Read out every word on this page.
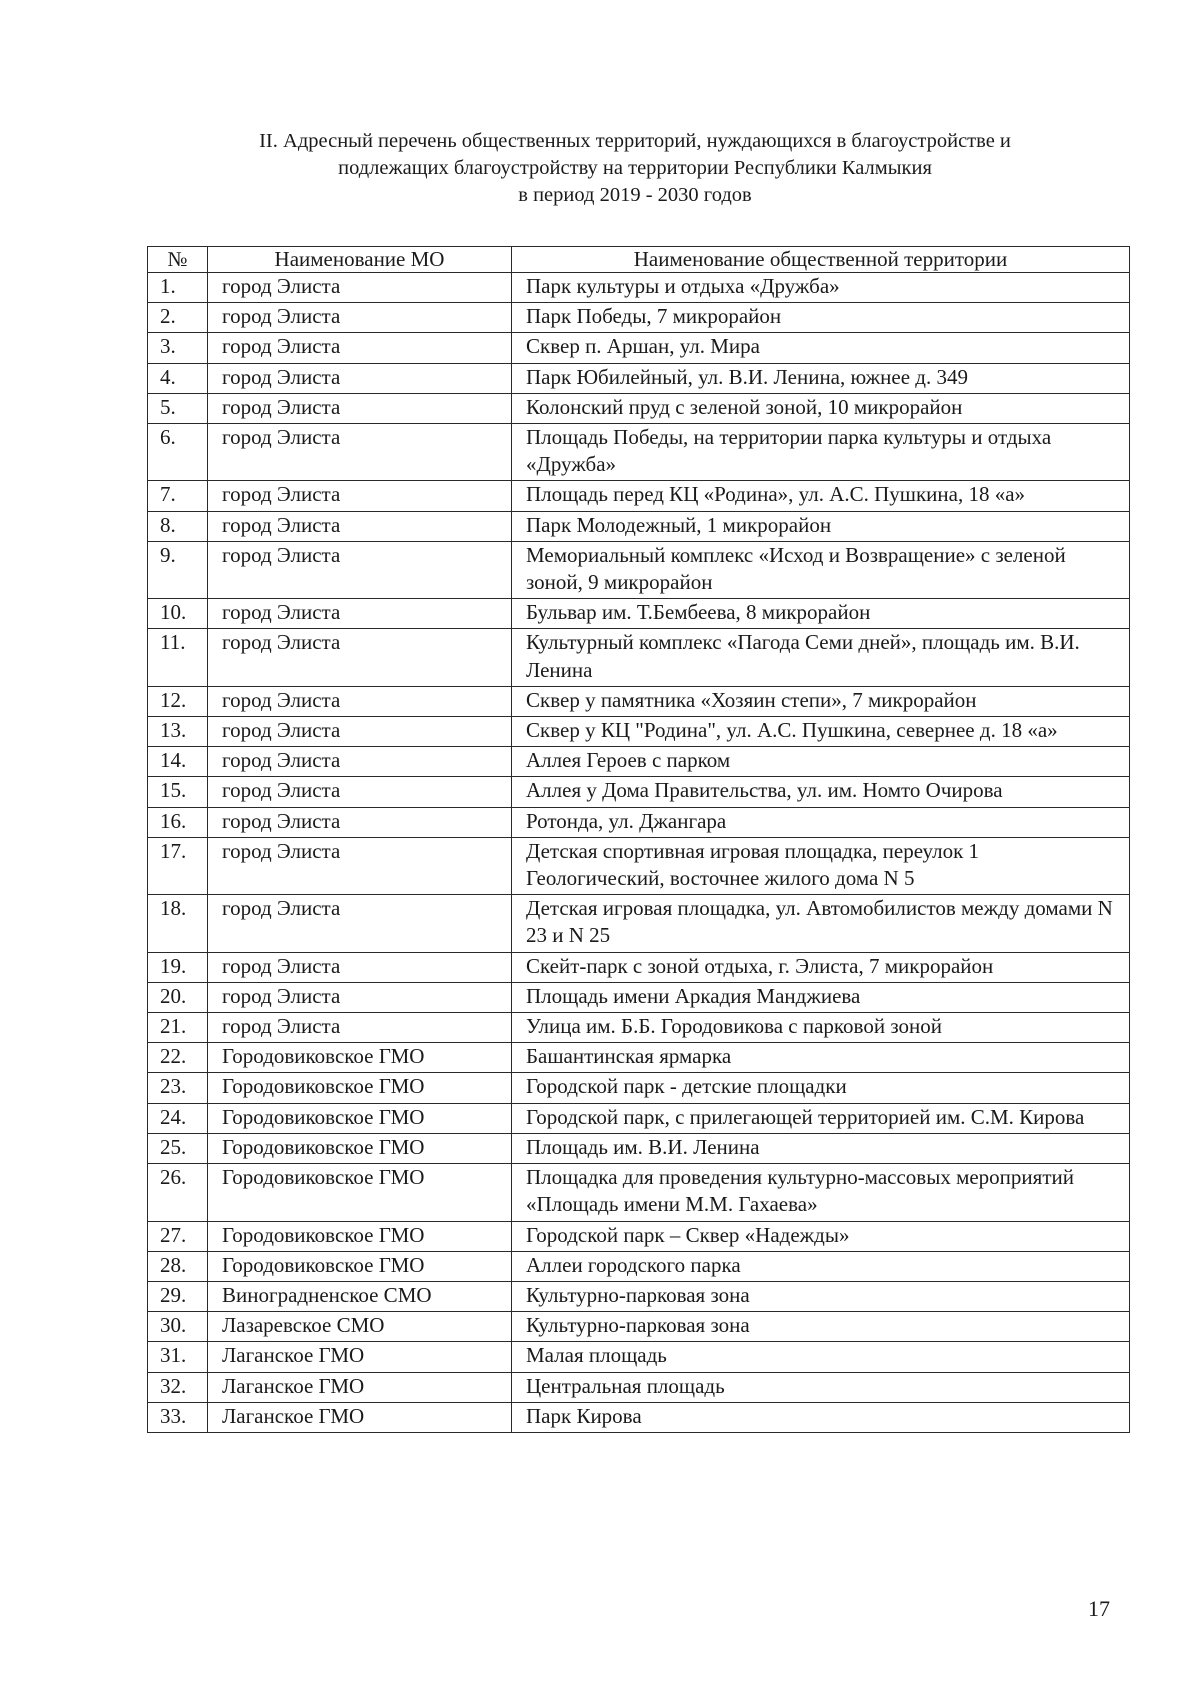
II. Адресный перечень общественных территорий, нуждающихся в благоустройстве и
подлежащих благоустройству на территории Республики Калмыкия
в период 2019 - 2030 годов
№	Наименование МО	Наименование общественной территории
1.	город Элиста	Парк культуры и отдыха «Дружба»
2.	город Элиста	Парк Победы, 7 микрорайон
3.	город Элиста	Сквер п. Аршан, ул. Мира
4.	город Элиста	Парк Юбилейный, ул. В.И. Ленина, южнее д. 349
5.	город Элиста	Колонский пруд с зеленой зоной, 10 микрорайон
6.	город Элиста	Площадь Победы, на территории парка культуры и отдыха «Дружба»
7.	город Элиста	Площадь перед КЦ «Родина», ул. А.С. Пушкина, 18 «а»
8.	город Элиста	Парк Молодежный, 1 микрорайон
9.	город Элиста	Мемориальный комплекс «Исход и Возвращение» с зеленой зоной, 9 микрорайон
10.	город Элиста	Бульвар им. Т.Бембеева, 8 микрорайон
11.	город Элиста	Культурный комплекс «Пагода Семи дней», площадь им. В.И. Ленина
12.	город Элиста	Сквер у памятника «Хозяин степи», 7 микрорайон
13.	город Элиста	Сквер у КЦ "Родина", ул. А.С. Пушкина, севернее д. 18 «а»
14.	город Элиста	Аллея Героев с парком
15.	город Элиста	Аллея у Дома Правительства, ул. им. Номто Очирова
16.	город Элиста	Ротонда, ул. Джангара
17.	город Элиста	Детская спортивная игровая площадка, переулок 1 Геологический, восточнее жилого дома N 5
18.	город Элиста	Детская игровая площадка, ул. Автомобилистов между домами N 23 и N 25
19.	город Элиста	Скейт-парк с зоной отдыха, г. Элиста, 7 микрорайон
20.	город Элиста	Площадь имени Аркадия Манджиева
21.	город Элиста	Улица им. Б.Б. Городовикова с парковой зоной
22.	Городовиковское ГМО	Башантинская ярмарка
23.	Городовиковское ГМО	Городской парк - детские площадки
24.	Городовиковское ГМО	Городской парк, с прилегающей территорией им. С.М. Кирова
25.	Городовиковское ГМО	Площадь им. В.И. Ленина
26.	Городовиковское ГМО	Площадка для проведения культурно-массовых мероприятий «Площадь имени М.М. Гахаева»
27.	Городовиковское ГМО	Городской парк – Сквер «Надежды»
28.	Городовиковское ГМО	Аллеи городского парка
29.	Виноградненское СМО	Культурно-парковая зона
30.	Лазаревское СМО	Культурно-парковая зона
31.	Лаганское ГМО	Малая площадь
32.	Лаганское ГМО	Центральная площадь
33.	Лаганское ГМО	Парк Кирова
17
